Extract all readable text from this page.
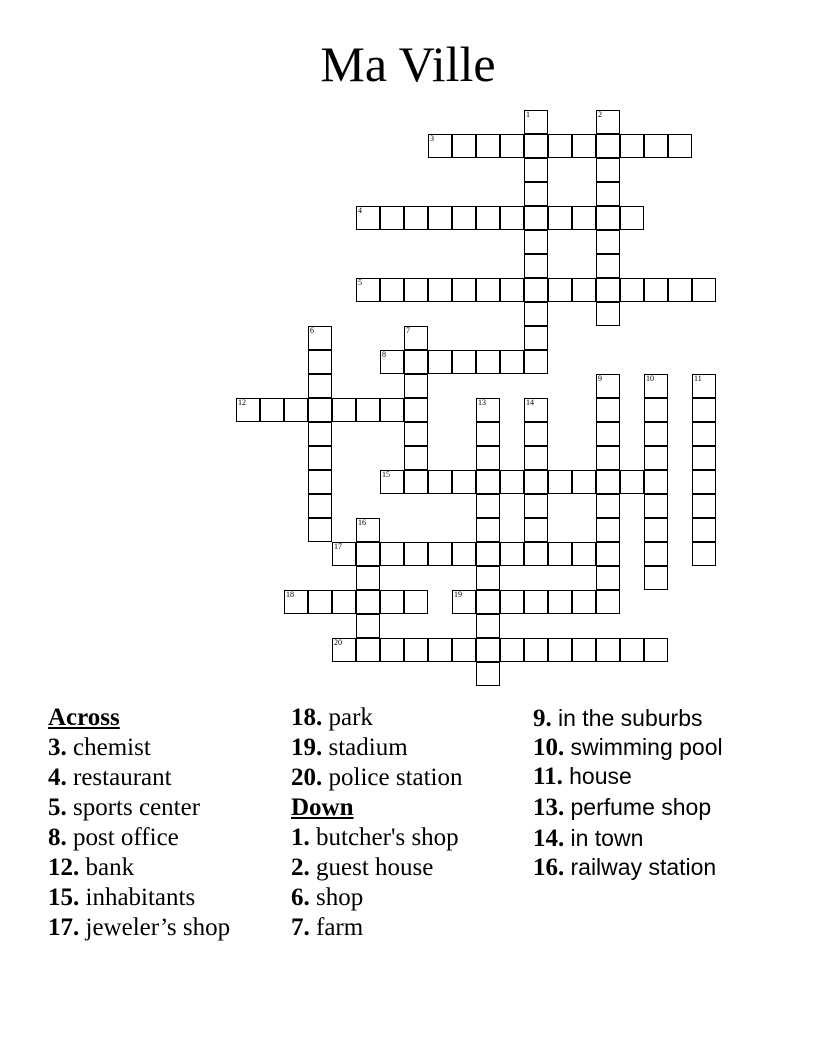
Ma Ville
3
4
5
8
12
15
17
18	19
20
1	2
6	7
9	10	11
13	14
16
Across
3. chemist
4. restaurant
5. sports center
8. post office
12. bank
15. inhabitants
17. jeweler’s shop
18. park
19. stadium
20. police station
Down
1. butcher's shop
2. guest house
6. shop
7. farm
9. in the suburbs
10. swimming pool
11. house
13. perfume shop
14. in town
16. railway station
